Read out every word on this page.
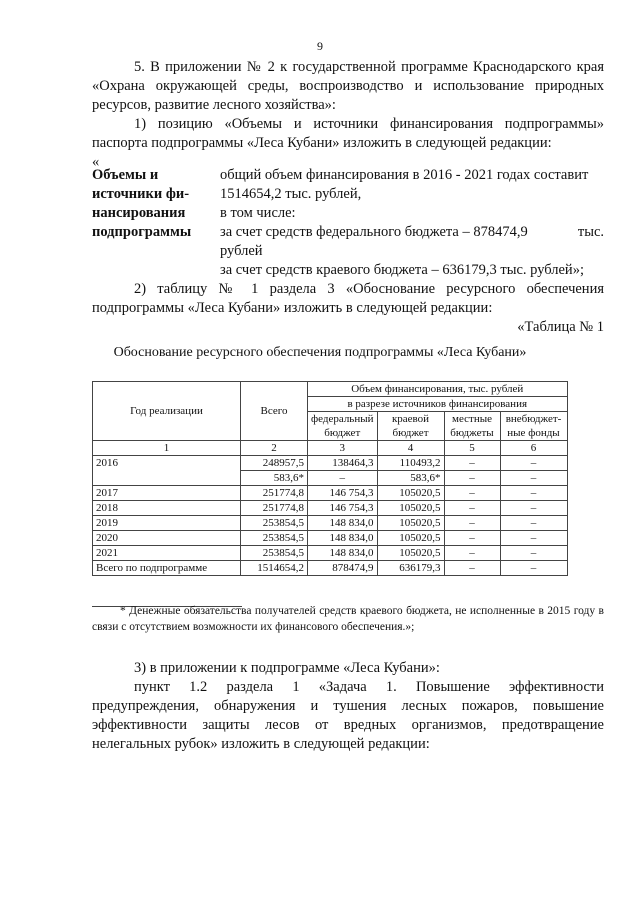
9

5. В приложении № 2 к государственной программе Краснодарского края «Охрана окружающей среды, воспроизводство и использование природных ресурсов, развитие лесного хозяйства»:

1) позицию «Объемы и источники финансирования подпрограммы» паспорта подпрограммы «Леса Кубани» изложить в следующей редакции:

«

Объемы и
источники фи-
нансирования
подпрограммы
общий объем финансирования в 2016 - 2021 годах составит
1514654,2 тыс. рублей,
в том числе:
за счет средств федерального бюджета – 878474,9	тыс.
рублей
за счет средств краевого бюджета – 636179,3 тыс. рублей»;

2) таблицу № 1 раздела 3 «Обоснование ресурсного обеспечения подпрограммы «Леса Кубани» изложить в следующей редакции:

«Таблица № 1

Обоснование ресурсного обеспечения подпрограммы «Леса Кубани»
Год реализации	Всего	Объем финансирования, тыс. рублей			
		в разрезе источников финансирования			
		федеральный бюджет	краевой бюджет	местные бюджеты	внебюджет-ные фонды
1	2	3	4	5	6
2016	248957,5	138464,3	110493,2	–	–
	583,6*	–	583,6*	–	–
2017	251774,8	146 754,3	105020,5	–	–
2018	251774,8	146 754,3	105020,5	–	–
2019	253854,5	148 834,0	105020,5	–	–
2020	253854,5	148 834,0	105020,5	–	–
2021	253854,5	148 834,0	105020,5	–	–
Всего по подпрограмме	1514654,2	878474,9	636179,3	–	–

* Денежные обязательства получателей средств краевого бюджета, не исполненные в 2015 году в связи с отсутствием возможности их финансового обеспечения.»;

3) в приложении к подпрограмме «Леса Кубани»:

пункт 1.2 раздела 1 «Задача 1. Повышение эффективности предупреждения, обнаружения и тушения лесных пожаров, повышение эффективности защиты лесов от вредных организмов, предотвращение нелегальных рубок» изложить в следующей редакции:
